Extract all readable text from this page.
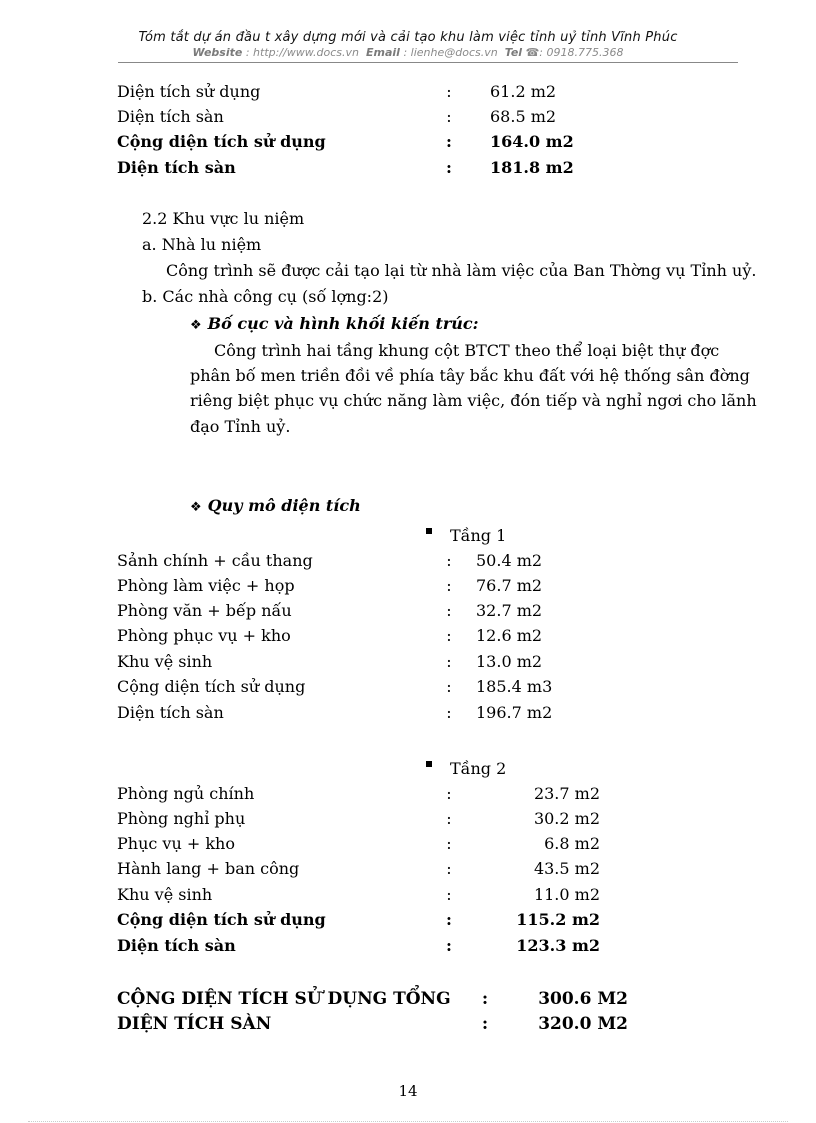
Tóm tắt dự án đầu t xây dựng mới và cải tạo khu làm việc tỉnh uỷ tỉnh Vĩnh Phúc
Website : http://www.docs.vn Email : lienhe@docs.vn Tel ☎: 0918.775.368
Diện tích sử dụng	: 61.2 m2
Diện tích sàn	: 68.5 m2
Cộng diện tích sử dụng	: 164.0 m2
Diện tích sàn	: 181.8 m2
2.2 Khu vực lu niệm
a. Nhà lu niệm
Công trình sẽ được cải tạo lại từ nhà làm việc của Ban Thờng vụ Tỉnh uỷ.
b. Các nhà công cụ (số lợng:2)
❖ Bố cục và hình khối kiến trúc:
Công trình hai tầng khung cột BTCT theo thể loại biệt thự đợc
phân bố men triền đồi về phía tây bắc khu đất với hệ thống sân đờng
riêng biệt phục vụ chức năng làm việc, đón tiếp và nghỉ ngơi cho lãnh
đạo Tỉnh uỷ.
❖ Quy mô diện tích
Tầng 1
Sảnh chính + cầu thang	: 50.4 m2
Phòng làm việc + họp	: 76.7 m2
Phòng văn + bếp nấu	: 32.7 m2
Phòng phục vụ + kho	: 12.6 m2
Khu vệ sinh	: 13.0 m2
Cộng diện tích sử dụng	: 185.4 m3
Diện tích sàn	: 196.7 m2
Tầng 2
Phòng ngủ chính	:	23.7 m2
Phòng nghỉ phụ	:	30.2 m2
Phục vụ + kho	:	6.8 m2
Hành lang + ban công	:	43.5 m2
Khu vệ sinh	:	11.0 m2
Cộng diện tích sử dụng	:	115.2 m2
Diện tích sàn	:	123.3 m2
CỘNG DIỆN TÍCH SỬ DỤNG TỔNG :	300.6 M2
DIỆN TÍCH SÀN	:	320.0 M2
14
